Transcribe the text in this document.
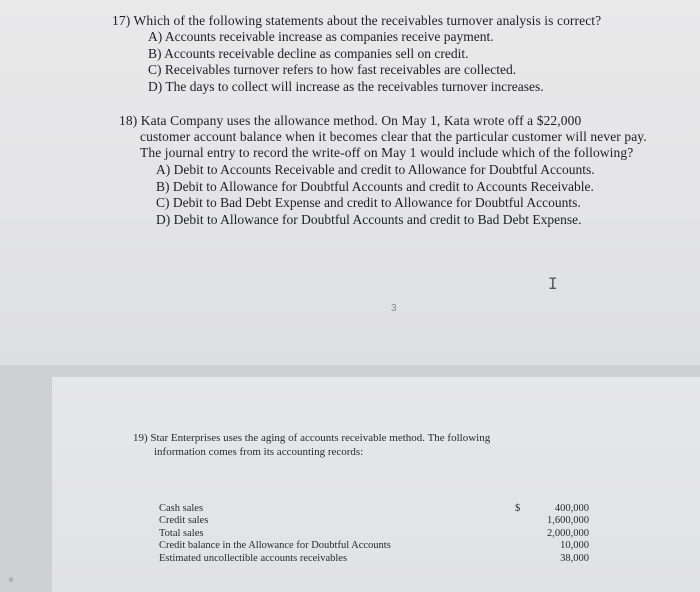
17) Which of the following statements about the receivables turnover analysis is correct?

A) Accounts receivable increase as companies receive payment.

B) Accounts receivable decline as companies sell on credit.

C) Receivables turnover refers to how fast receivables are collected.

D) The days to collect will increase as the receivables turnover increases.

18) Kata Company uses the allowance method. On May 1, Kata wrote off a $22,000
customer account balance when it becomes clear that the particular customer will never pay. The journal entry to record the write-off on May 1 would include which of the following?

A) Debit to Accounts Receivable and credit to Allowance for Doubtful Accounts.

B) Debit to Allowance for Doubtful Accounts and credit to Accounts Receivable.

C) Debit to Bad Debt Expense and credit to Allowance for Doubtful Accounts.

D) Debit to Allowance for Doubtful Accounts and credit to Bad Debt Expense.

I
3
19) Star Enterprises uses the aging of accounts receivable method. The following
information comes from its accounting records:
Cash sales	$	400,000
Credit sales	1,600,000
Total sales	2,000,000
Credit balance in the Allowance for Doubtful Accounts	10,000
Estimated uncollectible accounts receivables	38,000
e
